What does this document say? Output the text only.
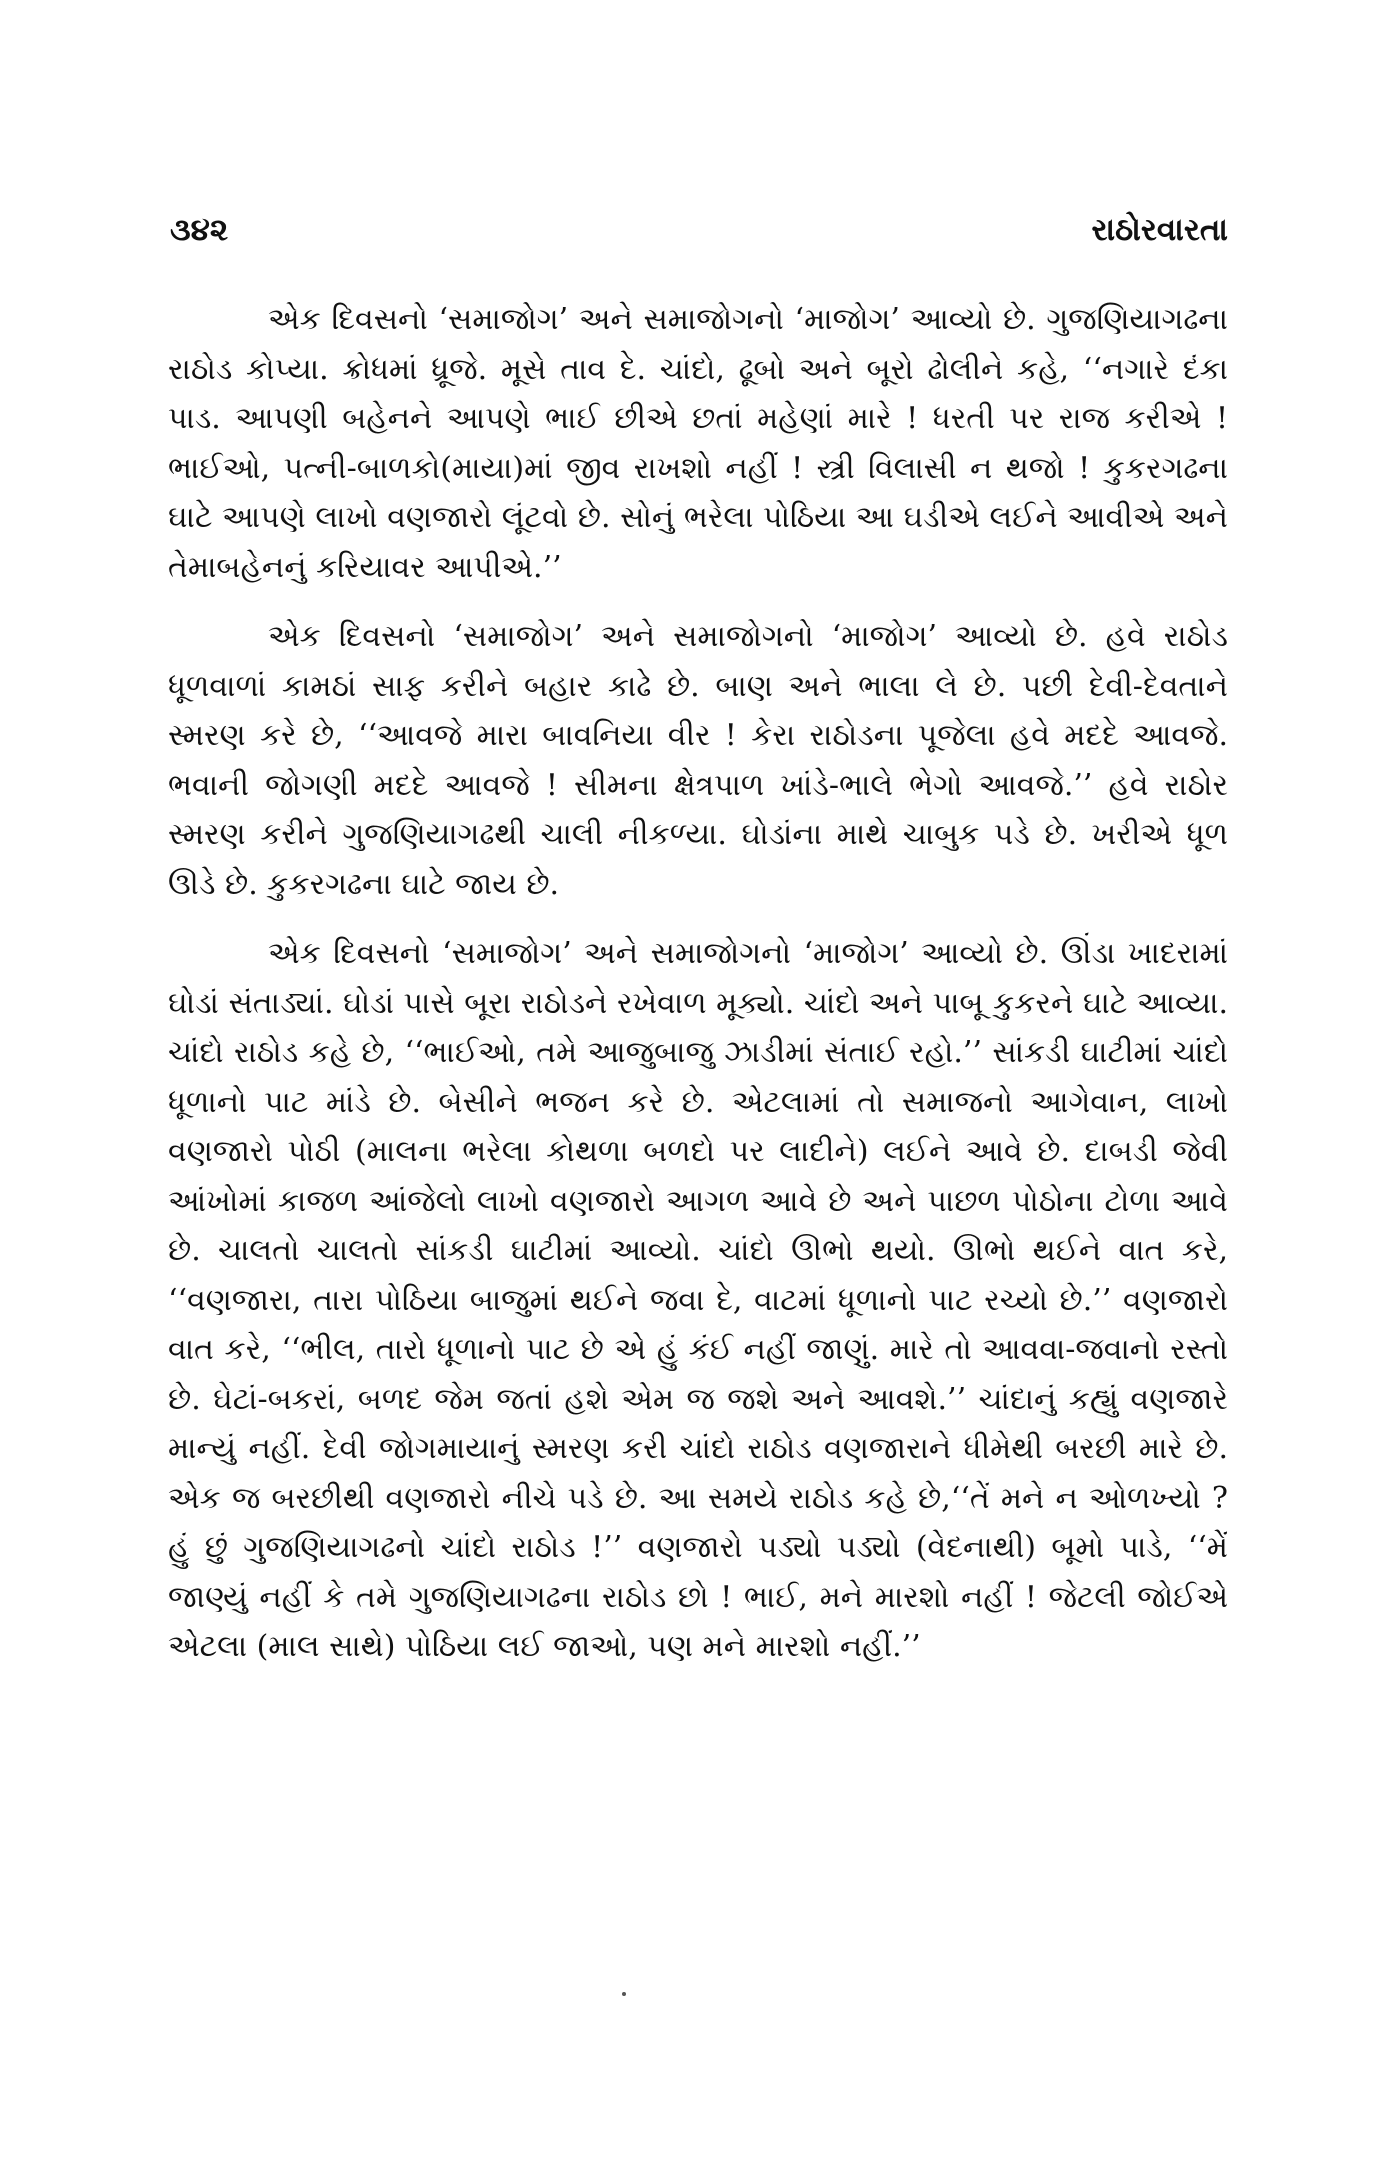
૩૪૨	રાઠોરવારતા

એક દિવસનો ‘સમાજોગ’ અને સમાજોગનો ‘માજોગ’ આવ્યો છે. ગુજણિયાગઢના રાઠોડ કોપ્યા. ક્રોધમાં ધ્રૂજે. મૂસે તાવ દે. ચાંદો, ઢૂબો અને બૂરો ઢોલીને કહે, ‘‘નગારે દંકા પાડ. આપણી બહેનને આપણે ભાઈ છીએ છતાં મહેણાં મારે ! ધરતી પર રાજ કરીએ ! ભાઈઓ, પત્ની-બાળકો(માયા)માં જીવ રાખશો નહીં ! સ્ત્રી વિલાસી ન થજો ! કુકરગઢના ઘાટે આપણે લાખો વણજારો લૂંટવો છે. સોનું ભરેલા પોઠિયા આ ઘડીએ લઈને આવીએ અને તેમાબહેનનું કરિયાવર આપીએ.’’

એક દિવસનો ‘સમાજોગ’ અને સમાજોગનો ‘માજોગ’ આવ્યો છે. હવે રાઠોડ ધૂળવાળાં કામઠાં સાફ કરીને બહાર કાઢે છે. બાણ અને ભાલા લે છે. પછી દેવી-દેવતાને સ્મરણ કરે છે, ‘‘આવજે મારા બાવનિયા વીર ! કેરા રાઠોડના પૂજેલા હવે મદદે આવજે. ભવાની જોગણી મદદે આવજે ! સીમના ક્ષેત્રપાળ ખાંડે-ભાલે ભેગો આવજે.’’ હવે રાઠોર સ્મરણ કરીને ગુજણિયાગઢથી ચાલી નીકળ્યા. ઘોડાંના માથે ચાબુક પડે છે. ખરીએ ધૂળ ઊડે છે. કુકરગઢના ઘાટે જાય છે.

એક દિવસનો ‘સમાજોગ’ અને સમાજોગનો ‘માજોગ’ આવ્યો છે. ઊંડા ખાદરામાં ઘોડાં સંતાડ્યાં. ઘોડાં પાસે બૂરા રાઠોડને રખેવાળ મૂક્યો. ચાંદો અને પાબૂ કુકરને ઘાટે આવ્યા. ચાંદો રાઠોડ કહે છે, ‘‘ભાઈઓ, તમે આજુબાજુ ઝાડીમાં સંતાઈ રહો.’’ સાંકડી ઘાટીમાં ચાંદો ધૂળાનો પાટ માંડે છે. બેસીને ભજન કરે છે. એટલામાં તો સમાજનો આગેવાન, લાખો વણજારો પોઠી (માલના ભરેલા કોથળા બળદો પર લાદીને) લઈને આવે છે. દાબડી જેવી આંખોમાં કાજળ આંજેલો લાખો વણજારો આગળ આવે છે અને પાછળ પોઠોના ટોળા આવે છે. ચાલતો ચાલતો સાંકડી ઘાટીમાં આવ્યો. ચાંદો ઊભો થયો. ઊભો થઈને વાત કરે, ‘‘વણજારા, તારા પોઠિયા બાજુમાં થઈને જવા દે, વાટમાં ધૂળાનો પાટ રચ્યો છે.’’ વણજારો વાત કરે, ‘‘ભીલ, તારો ધૂળાનો પાટ છે એ હું કંઈ નહીં જાણું. મારે તો આવવા-જવાનો રસ્તો છે. ઘેટાં-બકરાં, બળદ જેમ જતાં હશે એમ જ જશે અને આવશે.’’ ચાંદાનું કહ્યું વણજારે માન્યું નહીં. દેવી જોગમાયાનું સ્મરણ કરી ચાંદો રાઠોડ વણજારાને ધીમેથી બરછી મારે છે. એક જ બરછીથી વણજારો નીચે પડે છે. આ સમયે રાઠોડ કહે છે,‘‘તેં મને ન ઓળખ્યો ? હું છું ગુજણિયાગઢનો ચાંદો રાઠોડ !’’ વણજારો પડ્યો પડ્યો (વેદનાથી) બૂમો પાડે, ‘‘મેં જાણ્યું નહીં કે તમે ગુજણિયાગઢના રાઠોડ છો ! ભાઈ, મને મારશો નહીં ! જેટલી જોઈએ એટલા (માલ સાથે) પોઠિયા લઈ જાઓ, પણ મને મારશો નહીં.’’
